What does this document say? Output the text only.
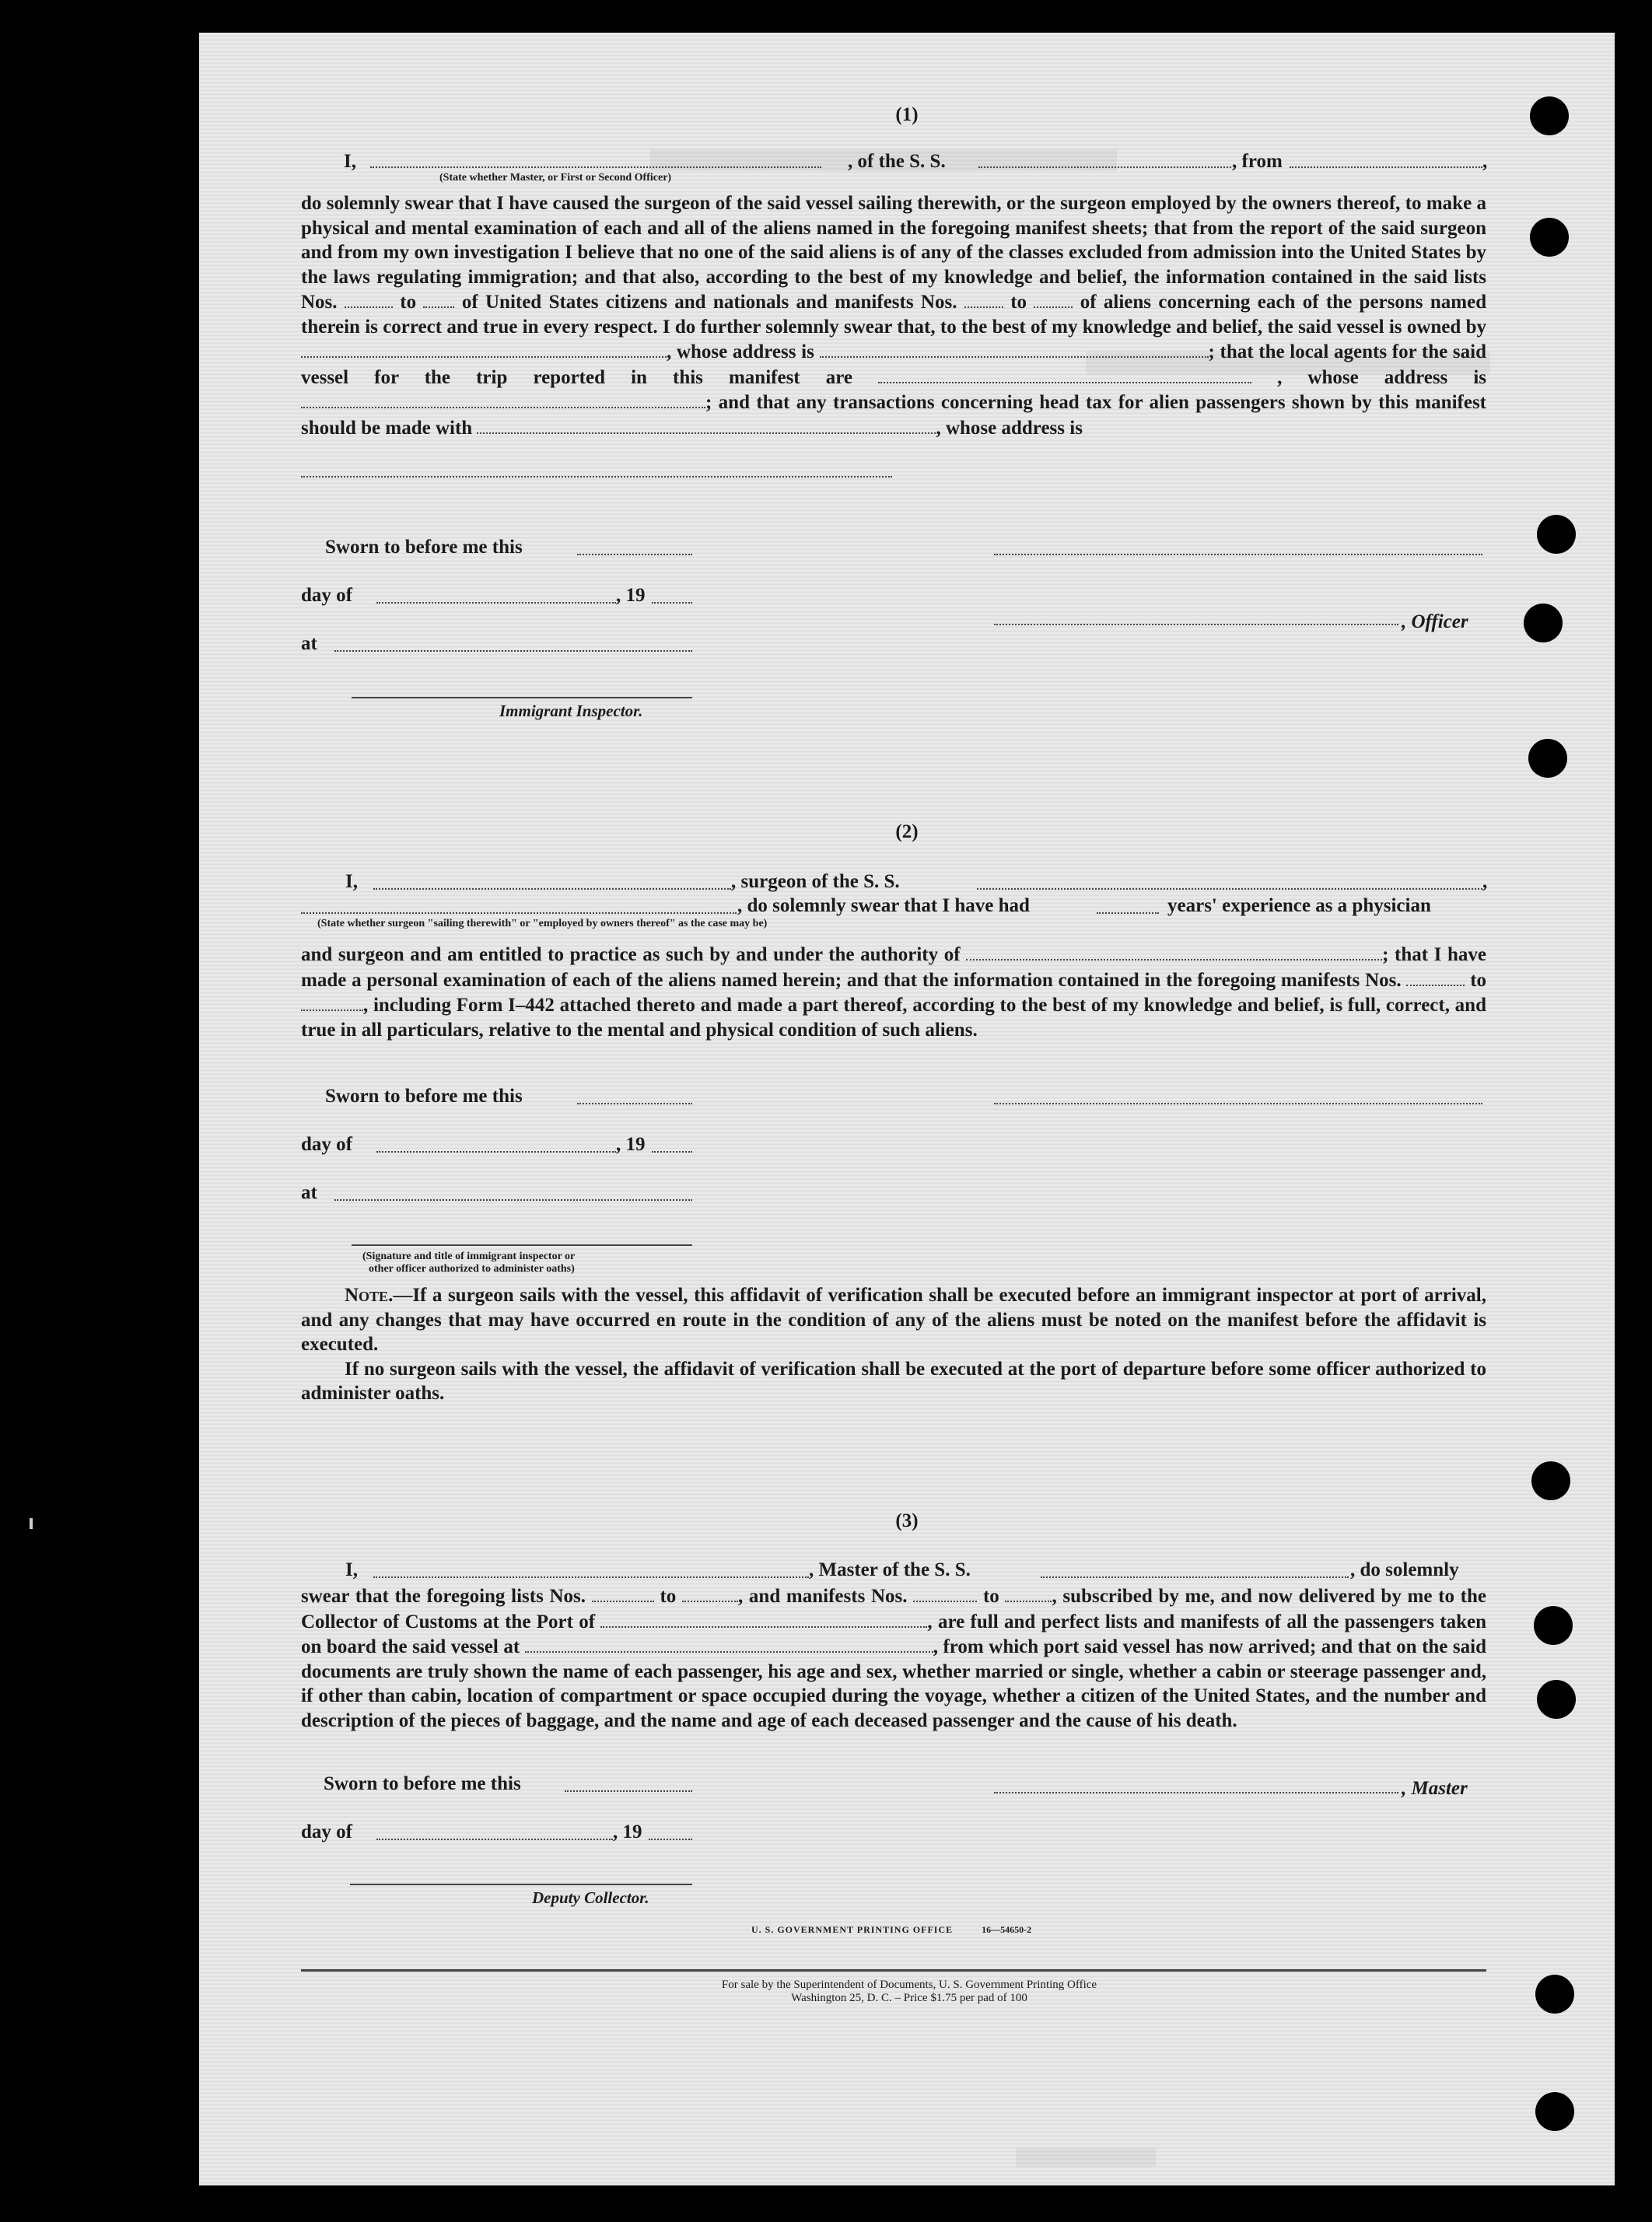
(1)
I,	, of the S. S.	, from	,
(State whether Master, or First or Second Officer)

do solemnly swear that I have caused the surgeon of the said vessel sailing therewith, or the surgeon employed by the owners thereof, to make a physical and mental examination of each and all of the aliens named in the foregoing manifest sheets; that from the report of the said surgeon and from my own investigation I believe that no one of the said aliens is of any of the classes excluded from admission into the United States by the laws regulating immigration; and that also, according to the best of my knowledge and belief, the information contained in the said lists Nos.	to of United States citizens and nationals and manifests Nos.	to	of aliens concerning each of the persons named therein is correct and true in every respect. I do further solemnly swear that, to the best of my knowledge and belief, the said vessel is owned by , whose address is	; that the local agents for the said vessel for the trip reported in this manifest are	, whose address is ; and that any transactions concerning head tax for alien passengers shown by this manifest should be made with	, whose address is

Sworn to before me this
day of	, 19
, Officer
at
Immigrant Inspector.
(2)
I,	, surgeon of the S. S.	,
, do solemnly swear that I have had	years' experience as a physician
(State whether surgeon "sailing therewith" or "employed by owners thereof" as the case may be)

and surgeon and am entitled to practice as such by and under the authority of	; that I have made a personal examination of each of the aliens named herein; and that the information contained in the foregoing manifests Nos.	to , including Form I–442 attached thereto and made a part thereof, according to the best of my knowledge and belief, is full, correct, and true in all particulars, relative to the mental and physical condition of such aliens.

Sworn to before me this
day of	, 19
at
(Signature and title of immigrant inspector or
other officer authorized to administer oaths)

Note.—If a surgeon sails with the vessel, this affidavit of verification shall be executed before an immigrant inspector at port of arrival, and any changes that may have occurred en route in the condition of any of the aliens must be noted on the manifest before the affidavit is executed.

If no surgeon sails with the vessel, the affidavit of verification shall be executed at the port of departure before some officer authorized to administer oaths.

(3)
I,	, Master of the S. S.	, do solemnly

swear that the foregoing lists Nos.	to	, and manifests Nos.	to	, subscribed by me, and now delivered by me to the Collector of Customs at the Port of	, are full and perfect lists and manifests of all the passengers taken on board the said vessel at	, from which port said vessel has now arrived; and that on the said documents are truly shown the name of each passenger, his age and sex, whether married or single, whether a cabin or steerage passenger and, if other than cabin, location of compartment or space occupied during the voyage, whether a citizen of the United States, and the number and description of the pieces of baggage, and the name and age of each deceased passenger and the cause of his death.

Sworn to before me this	, Master
day of	, 19
Deputy Collector.
U. S. GOVERNMENT PRINTING OFFICE	16—54650-2
For sale by the Superintendent of Documents, U. S. Government Printing Office
Washington 25, D. C. – Price $1.75 per pad of 100
